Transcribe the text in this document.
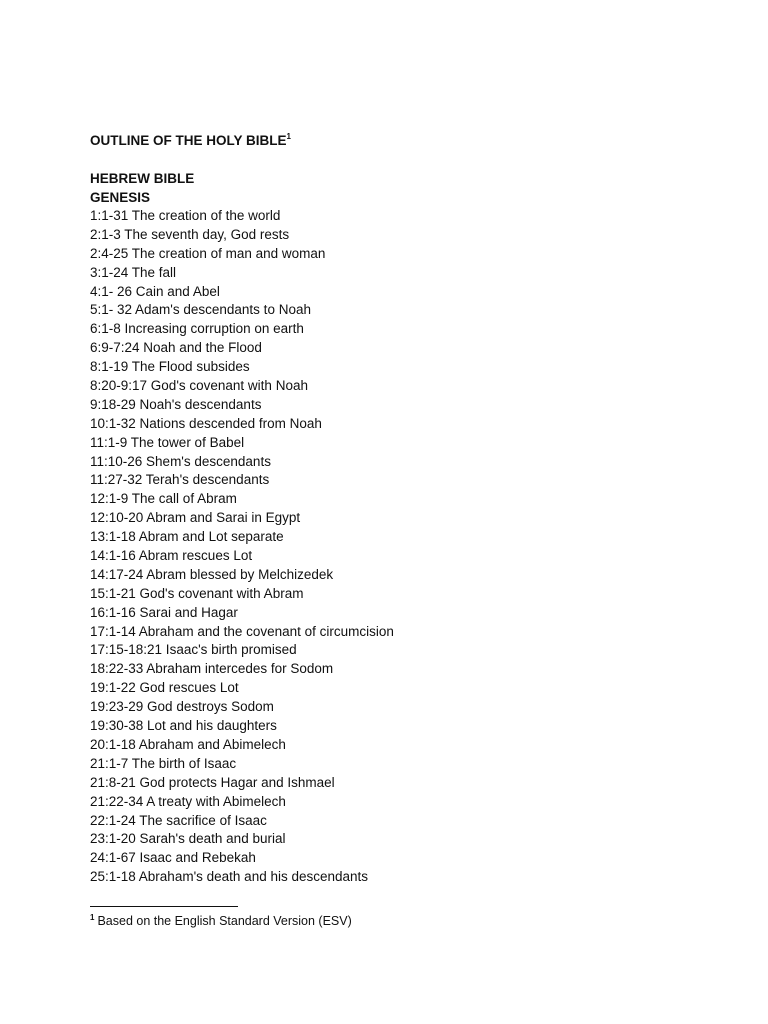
OUTLINE OF THE HOLY BIBLE$^1$
HEBREW BIBLE
GENESIS
1:1-31 The creation of the world
2:1-3 The seventh day, God rests
2:4-25 The creation of man and woman
3:1-24 The fall
4:1- 26 Cain and Abel
5:1- 32 Adam's descendants to Noah
6:1-8 Increasing corruption on earth
6:9-7:24 Noah and the Flood
8:1-19 The Flood subsides
8:20-9:17 God's covenant with Noah
9:18-29 Noah's descendants
10:1-32 Nations descended from Noah
11:1-9 The tower of Babel
11:10-26 Shem's descendants
11:27-32 Terah's descendants
12:1-9 The call of Abram
12:10-20 Abram and Sarai in Egypt
13:1-18 Abram and Lot separate
14:1-16 Abram rescues Lot
14:17-24 Abram blessed by Melchizedek
15:1-21 God's covenant with Abram
16:1-16 Sarai and Hagar
17:1-14 Abraham and the covenant of circumcision
17:15-18:21 Isaac's birth promised
18:22-33 Abraham intercedes for Sodom
19:1-22 God rescues Lot
19:23-29 God destroys Sodom
19:30-38 Lot and his daughters
20:1-18 Abraham and Abimelech
21:1-7 The birth of Isaac
21:8-21 God protects Hagar and Ishmael
21:22-34 A treaty with Abimelech
22:1-24 The sacrifice of Isaac
23:1-20 Sarah's death and burial
24:1-67 Isaac and Rebekah
25:1-18 Abraham's death and his descendants
$^1$ Based on the English Standard Version (ESV)
